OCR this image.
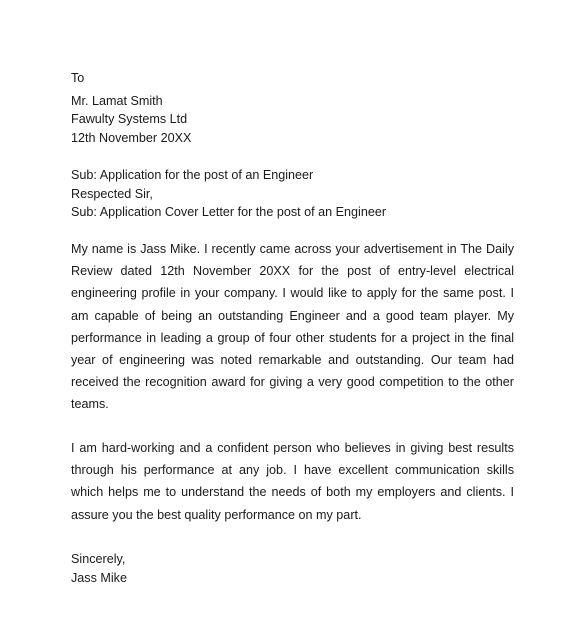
To
Mr. Lamat Smith
Fawulty Systems Ltd
12th November 20XX
Sub: Application for the post of an Engineer
Respected Sir,
Sub: Application Cover Letter for the post of an Engineer
My name is Jass Mike. I recently came across your advertisement in The Daily Review dated 12th November 20XX for the post of entry-level electrical engineering profile in your company. I would like to apply for the same post. I am capable of being an outstanding Engineer and a good team player. My performance in leading a group of four other students for a project in the final year of engineering was noted remarkable and outstanding. Our team had received the recognition award for giving a very good competition to the other teams.
I am hard-working and a confident person who believes in giving best results through his performance at any job. I have excellent communication skills which helps me to understand the needs of both my employers and clients. I assure you the best quality performance on my part.
Sincerely,
Jass Mike
